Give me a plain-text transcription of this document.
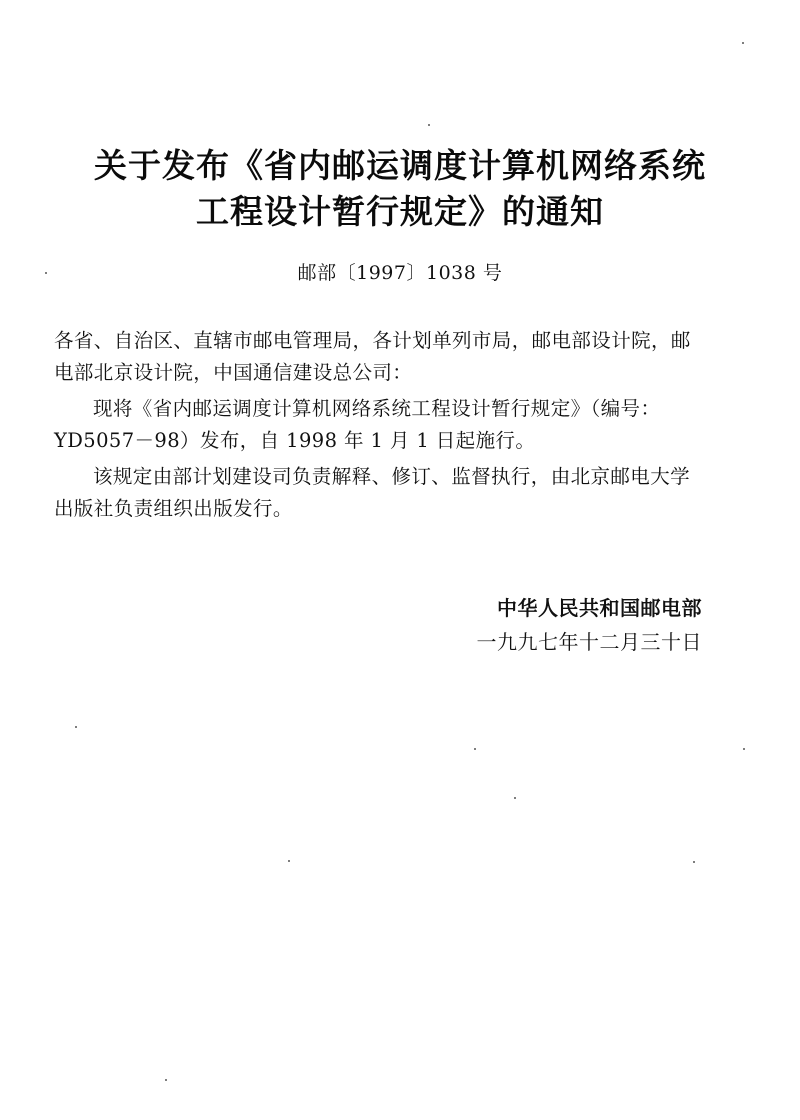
关于发布《省内邮运调度计算机网络系统
工程设计暂行规定》的通知
邮部〔1997〕1038 号

各省、自治区、直辖市邮电管理局，各计划单列市局，邮电部设计院，邮电部北京设计院，中国通信建设总公司：

现将《省内邮运调度计算机网络系统工程设计暂行规定》（编号：YD5057－98）发布，自 1998 年 1 月 1 日起施行。

该规定由部计划建设司负责解释、修订、监督执行，由北京邮电大学出版社负责组织出版发行。

中华人民共和国邮电部
一九九七年十二月三十日
